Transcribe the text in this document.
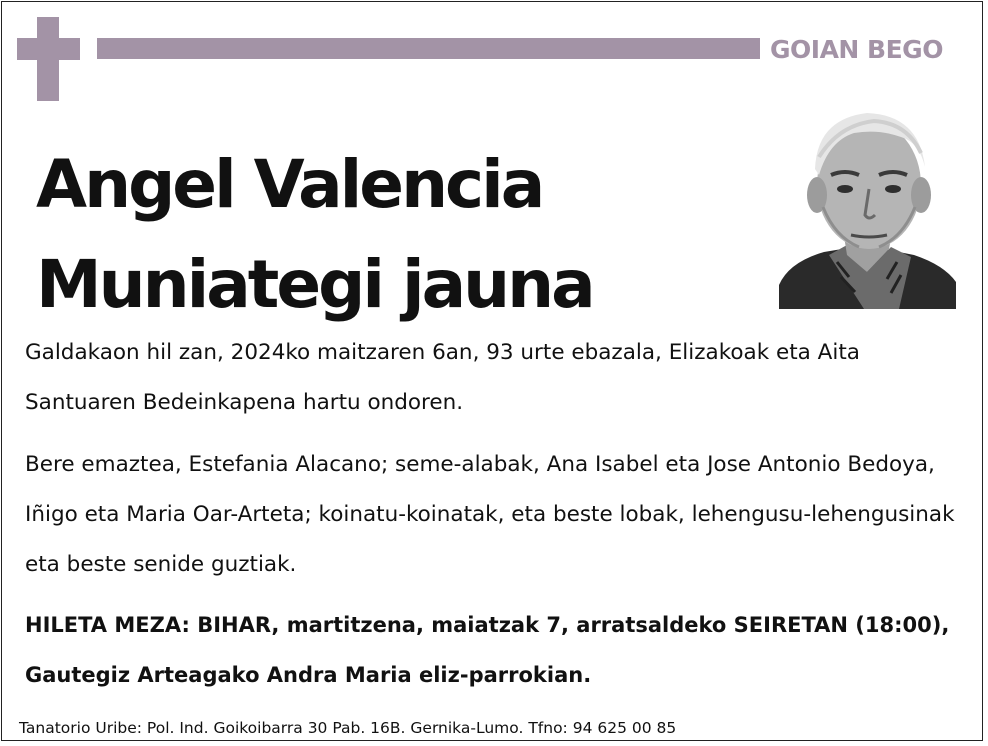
GOIAN BEGO
Angel Valencia
Muniategi jauna
Galdakaon hil zan, 2024ko maitzaren 6an, 93 urte ebazala, Elizakoak eta Aita Santuaren Bedeinkapena hartu ondoren.
Bere emaztea, Estefania Alacano; seme-alabak, Ana Isabel eta Jose Antonio Bedoya, Iñigo eta Maria Oar-Arteta; koinatu-koinatak, eta beste lobak, lehengusu-lehengusinak eta beste senide guztiak.
HILETA MEZA: BIHAR, martitzena, maiatzak 7, arratsaldeko SEIRETAN (18:00), Gautegiz Arteagako Andra Maria eliz-parrokian.
Tanatorio Uribe: Pol. Ind. Goikoibarra 30 Pab. 16B. Gernika-Lumo. Tfno: 94 625 00 85
